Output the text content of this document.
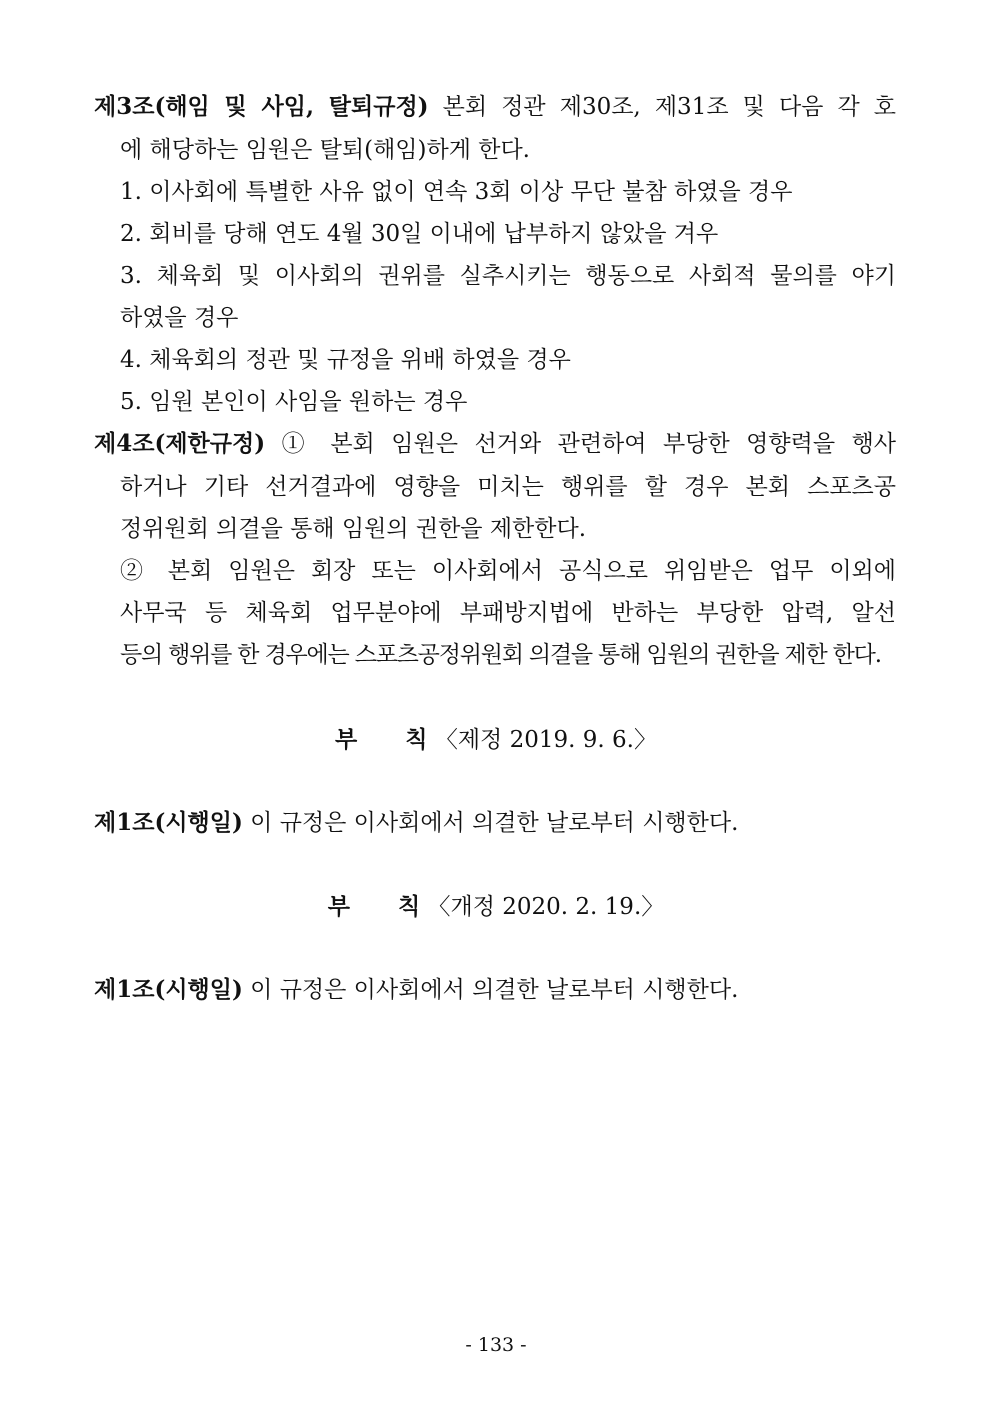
제3조(해임 및 사임, 탈퇴규정) 본회 정관 제30조, 제31조 및 다음 각 호
에 해당하는 임원은 탈퇴(해임)하게 한다.
1. 이사회에 특별한 사유 없이 연속 3회 이상 무단 불참 하였을 경우
2. 회비를 당해 연도 4월 30일 이내에 납부하지 않았을 겨우
3. 체육회 및 이사회의 권위를 실추시키는 행동으로 사회적 물의를 야기
하였을 경우
4. 체육회의 정관 및 규정을 위배 하였을 경우
5. 임원 본인이 사임을 원하는 경우
제4조(제한규정) ① 본회 임원은 선거와 관련하여 부당한 영향력을 행사
하거나 기타 선거결과에 영향을 미치는 행위를 할 경우 본회 스포츠공
정위원회 의결을 통해 임원의 권한을 제한한다.
② 본회 임원은 회장 또는 이사회에서 공식으로 위임받은 업무 이외에
사무국 등 체육회 업무분야에 부패방지법에 반하는 부당한 압력, 알선
등의 행위를 한 경우에는 스포츠공정위원회 의결을 통해 임원의 권한을 제한 한다.
부      칙 〈제정 2019. 9. 6.〉
제1조(시행일) 이 규정은 이사회에서 의결한 날로부터 시행한다.
부      칙 〈개정 2020. 2. 19.〉
제1조(시행일) 이 규정은 이사회에서 의결한 날로부터 시행한다.
- 133 -
